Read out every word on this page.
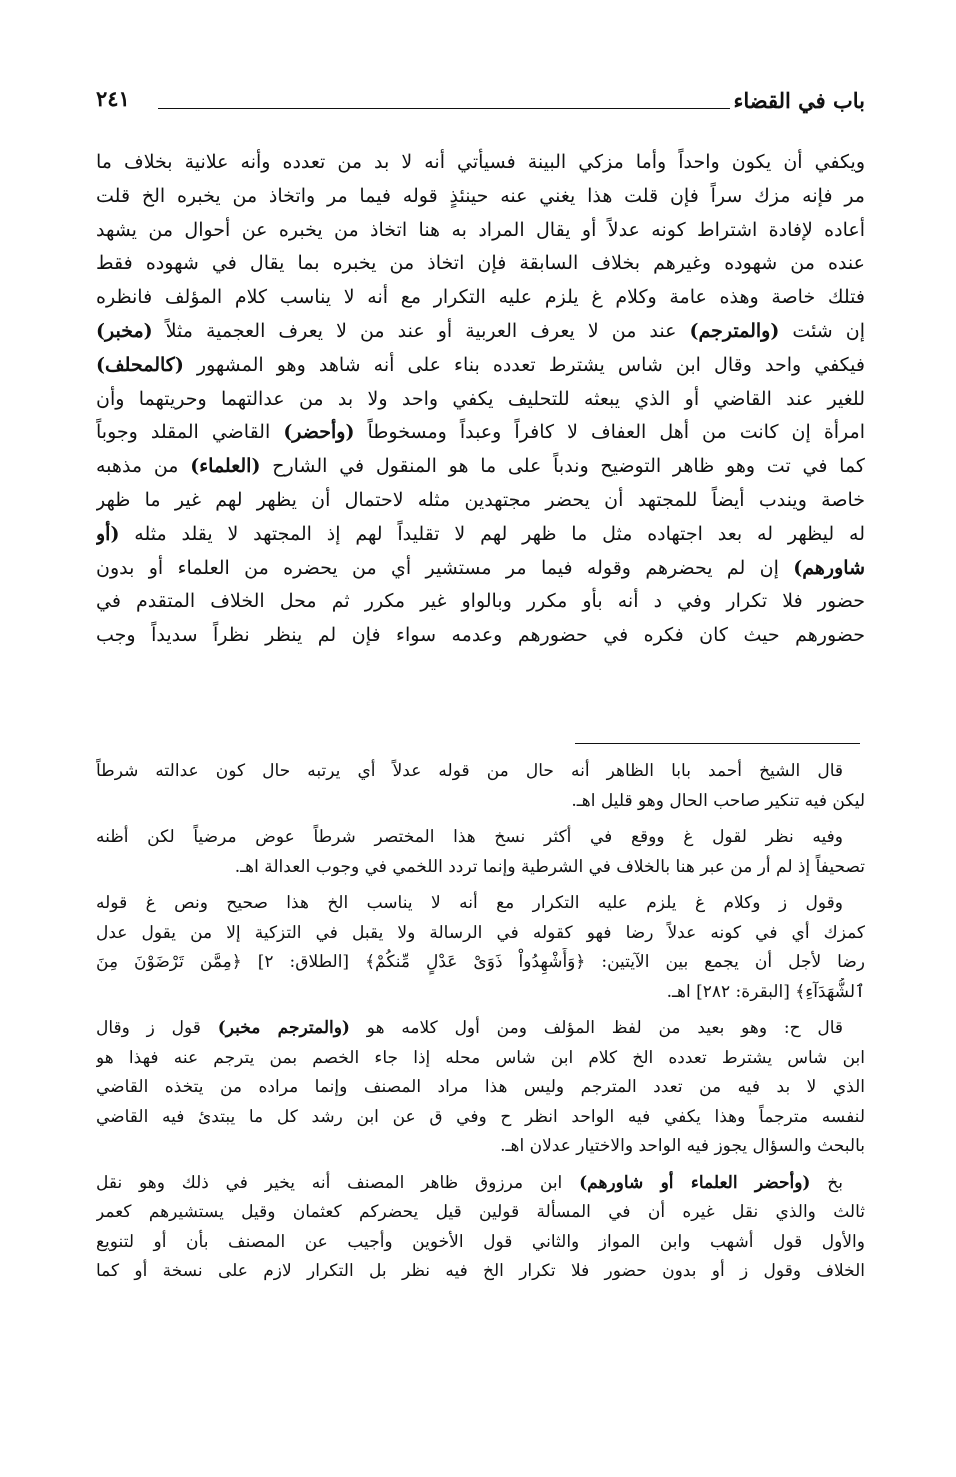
باب في القضاء
٢٤١
ويكفي أن يكون واحداً وأما مزكي البينة فسيأتي أنه لا بد من تعدده وأنه علانية بخلاف ما
مر فإنه مزك سراً فإن قلت هذا يغني عنه حينئذٍ قوله فيما مر واتخاذ من يخبره الخ قلت
أعاده لإفادة اشتراط كونه عدلاً أو يقال المراد به هنا اتخاذ من يخبره عن أحوال من يشهد
عنده من شهوده وغيرهم بخلاف السابقة فإن اتخاذ من يخبره بما يقال في شهوده فقط
فتلك خاصة وهذه عامة وكلام غ يلزم عليه التكرار مع أنه لا يناسب كلام المؤلف فانظره
إن شئت (والمترجم) عند من لا يعرف العربية أو عند من لا يعرف العجمية مثلاً (مخبر)
فيكفي واحد وقال ابن شاس يشترط تعدده بناء على أنه شاهد وهو المشهور (كالمحلف)
للغير عند القاضي أو الذي يبعثه للتحليف يكفي واحد ولا بد من عدالتهما وحريتهما وأن
امرأة إن كانت من أهل العفاف لا كافراً وعبداً ومسخوطاً (وأحضر) القاضي المقلد وجوباً
كما في تت وهو ظاهر التوضيح وندباً على ما هو المنقول في الشارح (العلماء) من مذهبه
خاصة ويندب أيضاً للمجتهد أن يحضر مجتهدين مثله لاحتمال أن يظهر لهم غير ما ظهر
له ليظهر له بعد اجتهاده مثل ما ظهر لهم لا تقليداً لهم إذ المجتهد لا يقلد مثله (أو
شاورهم) إن لم يحضرهم وقوله فيما مر مستشير أي من يحضره من العلماء أو بدون
حضور فلا تكرار وفي د أنه بأو مكرر وبالواو غير مكرر ثم محل الخلاف المتقدم في
حضورهم حيث كان فكره في حضورهم وعدمه سواء فإن لم ينظر نظراً سديداً وجب
قال الشيخ أحمد بابا الظاهر أنه حال من قوله عدلاً أي يرتبه حال كون عدالته شرطاً
ليكن فيه تنكير صاحب الحال وهو قليل اهـ.
وفيه نظر لقول غ ووقع في أكثر نسخ هذا المختصر شرطاً عوض مرضياً لكن أظنه
تصحيفاً إذ لم أر من عبر هنا بالخلاف في الشرطية وإنما تردد اللخمي في وجوب العدالة اهـ.
وقول ز وكلام غ يلزم عليه التكرار مع أنه لا يناسب الخ هذا صحيح ونص غ قوله
كمزك أي في كونه عدلاً رضا فهو كقوله في الرسالة ولا يقبل في التزكية إلا من يقول عدل
رضا لأجل أن يجمع بين الآيتين: ﴿وَأَشْهِدُواْ ذَوَىْ عَدْلٍ مِّنكُمْ﴾ [الطلاق: ٢] ﴿مِمَّن تَرْضَوْنَ مِنَ
ٱلشُّهَدَآءِ﴾ [البقرة: ٢٨٢] اهـ.
قال ح: وهو بعيد من لفظ المؤلف ومن أول كلامه هو (والمترجم مخبر) قول ز وقال
ابن شاس يشترط تعدده الخ كلام ابن شاس محله إذا جاء الخصم بمن يترجم عنه فهذا هو
الذي لا بد فيه من تعدد المترجم وليس هذا مراد المصنف وإنما مراده من يتخذه القاضي
لنفسه مترجماً وهذا يكفي فيه الواحد انظر ح وفي ق عن ابن رشد كل ما يبتدئ فيه القاضي
بالبحث والسؤال يجوز فيه الواحد والاختيار عدلان اهـ.
بخ (وأحضر العلماء أو شاورهم) ابن مرزوق ظاهر المصنف أنه يخير في ذلك وهو نقل
ثالث والذي نقل غيره أن في المسألة قولين قيل يحضركم كعثمان وقيل يستشيرهم كعمر
والأول قول أشهب وابن المواز والثاني قول الأخوين وأجيب عن المصنف بأن أو لتنويع
الخلاف وقول ز أو بدون حضور فلا تكرار الخ فيه نظر بل التكرار لازم على نسخة أو كما
